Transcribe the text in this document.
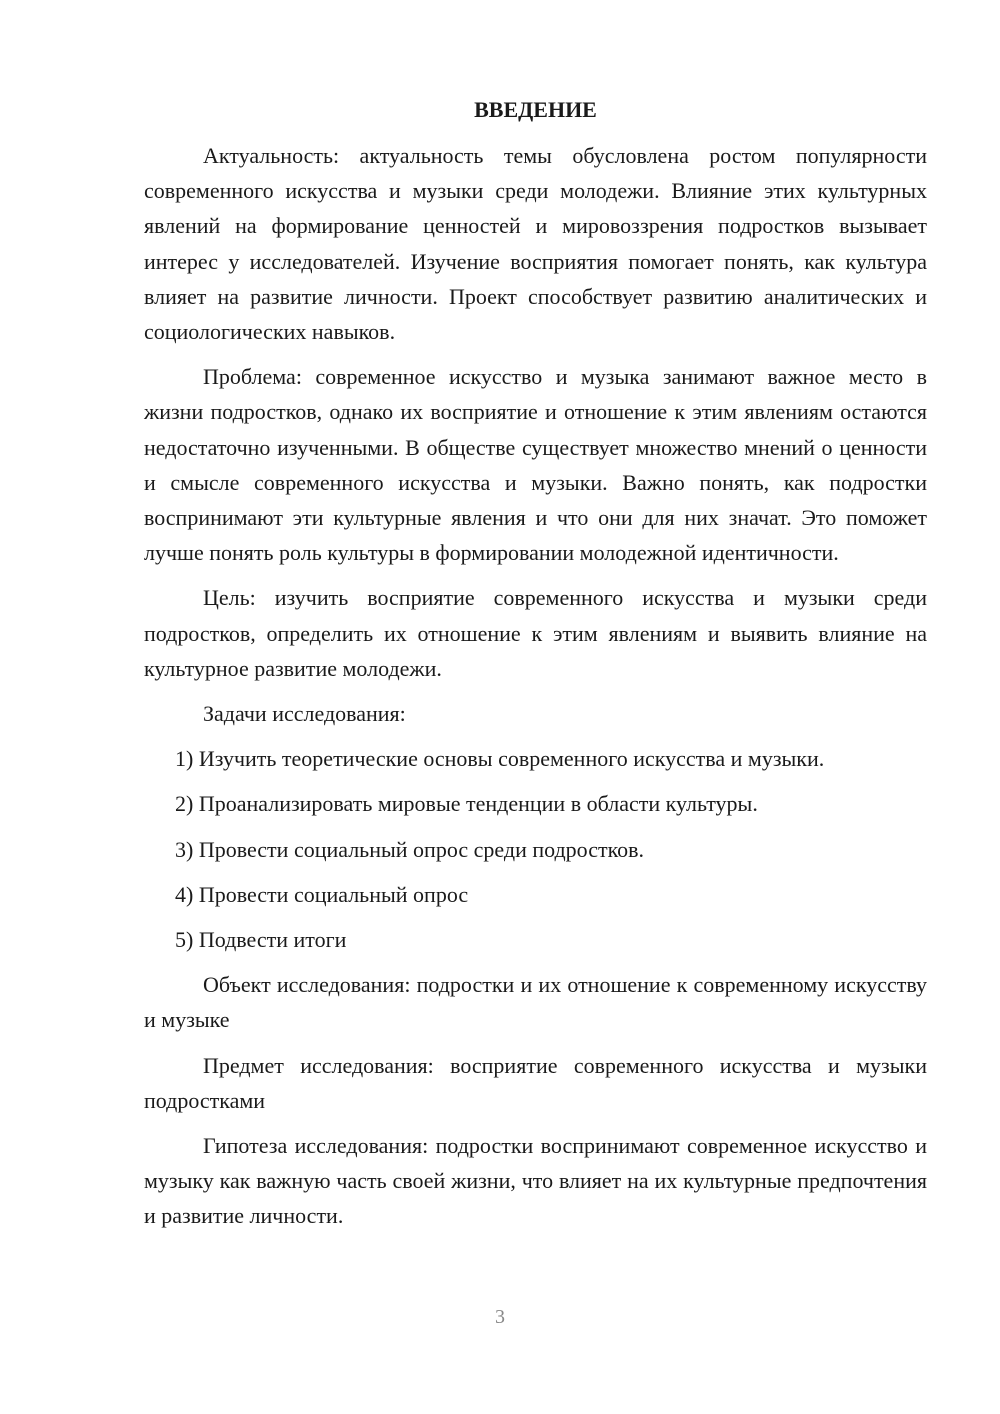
ВВЕДЕНИЕ

Актуальность: актуальность темы обусловлена ростом популярности современного искусства и музыки среди молодежи. Влияние этих культурных явлений на формирование ценностей и мировоззрения подростков вызывает интерес у исследователей. Изучение восприятия помогает понять, как культура влияет на развитие личности. Проект способствует развитию аналитических и социологических навыков.

Проблема: современное искусство и музыка занимают важное место в жизни подростков, однако их восприятие и отношение к этим явлениям остаются недостаточно изученными. В обществе существует множество мнений о ценности и смысле современного искусства и музыки. Важно понять, как подростки воспринимают эти культурные явления и что они для них значат. Это поможет лучше понять роль культуры в формировании молодежной идентичности.

Цель: изучить восприятие современного искусства и музыки среди подростков, определить их отношение к этим явлениям и выявить влияние на культурное развитие молодежи.

Задачи исследования:

1) Изучить теоретические основы современного искусства и музыки.

2) Проанализировать мировые тенденции в области культуры.

3) Провести социальный опрос среди подростков.

4) Провести социальный опрос

5) Подвести итоги

Объект исследования: подростки и их отношение к современному искусству и музыке

Предмет исследования: восприятие современного искусства и музыки подростками

Гипотеза исследования: подростки воспринимают современное искусство и музыку как важную часть своей жизни, что влияет на их культурные предпочтения и развитие личности.

3
